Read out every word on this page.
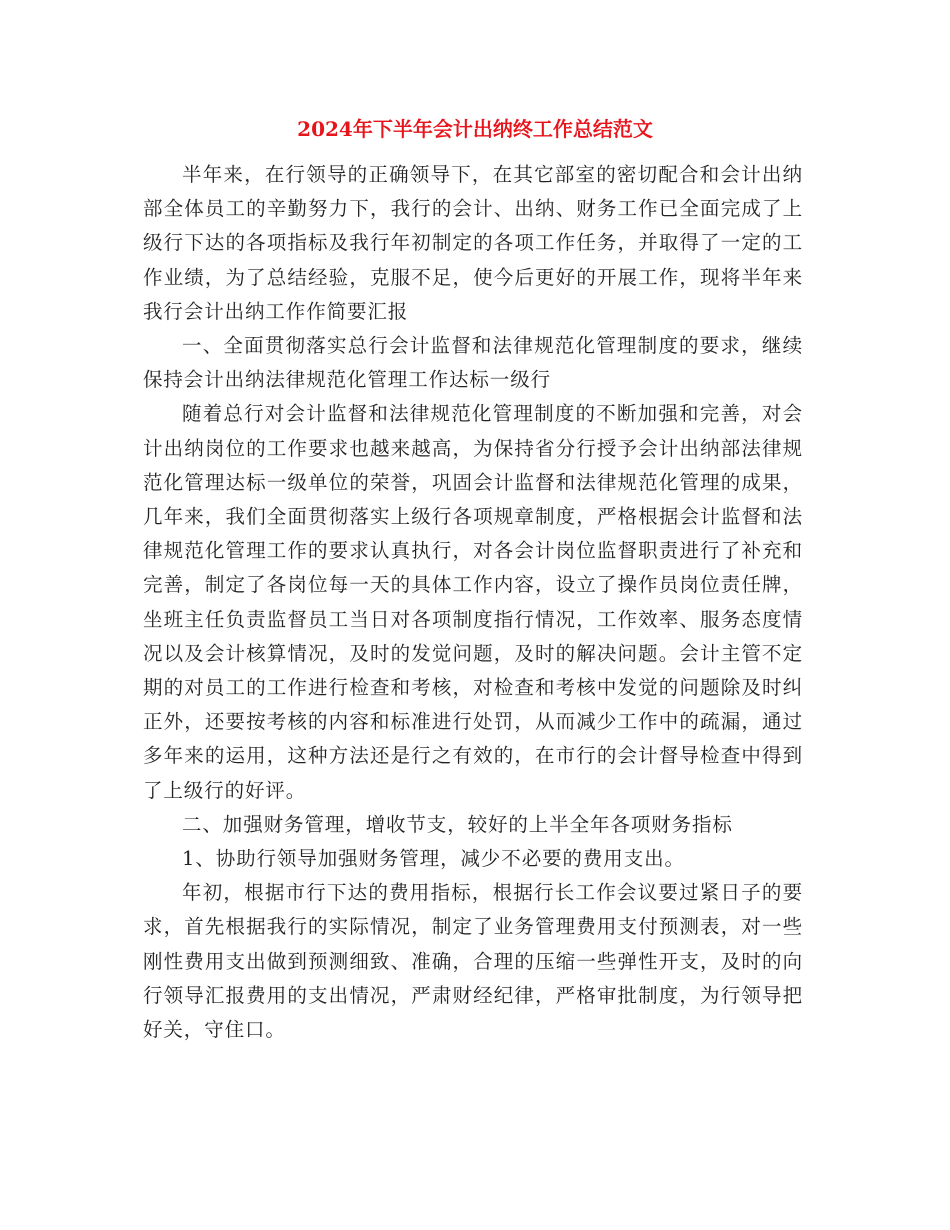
2024年下半年会计出纳终工作总结范文

半年来，在行领导的正确领导下，在其它部室的密切配合和会计出纳部全体员工的辛勤努力下，我行的会计、出纳、财务工作已全面完成了上级行下达的各项指标及我行年初制定的各项工作任务，并取得了一定的工作业绩，为了总结经验，克服不足，使今后更好的开展工作，现将半年来我行会计出纳工作作简要汇报

一、全面贯彻落实总行会计监督和法律规范化管理制度的要求，继续保持会计出纳法律规范化管理工作达标一级行

随着总行对会计监督和法律规范化管理制度的不断加强和完善，对会计出纳岗位的工作要求也越来越高，为保持省分行授予会计出纳部法律规范化管理达标一级单位的荣誉，巩固会计监督和法律规范化管理的成果，几年来，我们全面贯彻落实上级行各项规章制度，严格根据会计监督和法律规范化管理工作的要求认真执行，对各会计岗位监督职责进行了补充和完善，制定了各岗位每一天的具体工作内容，设立了操作员岗位责任牌，坐班主任负责监督员工当日对各项制度指行情况，工作效率、服务态度情况以及会计核算情况，及时的发觉问题，及时的解决问题。会计主管不定期的对员工的工作进行检查和考核，对检查和考核中发觉的问题除及时纠正外，还要按考核的内容和标准进行处罚，从而减少工作中的疏漏，通过多年来的运用，这种方法还是行之有效的，在市行的会计督导检查中得到了上级行的好评。

二、加强财务管理，增收节支，较好的上半全年各项财务指标

1、协助行领导加强财务管理，减少不必要的费用支出。

年初，根据市行下达的费用指标，根据行长工作会议要过紧日子的要求，首先根据我行的实际情况，制定了业务管理费用支付预测表，对一些刚性费用支出做到预测细致、准确，合理的压缩一些弹性开支，及时的向行领导汇报费用的支出情况，严肃财经纪律，严格审批制度，为行领导把好关，守住口。
